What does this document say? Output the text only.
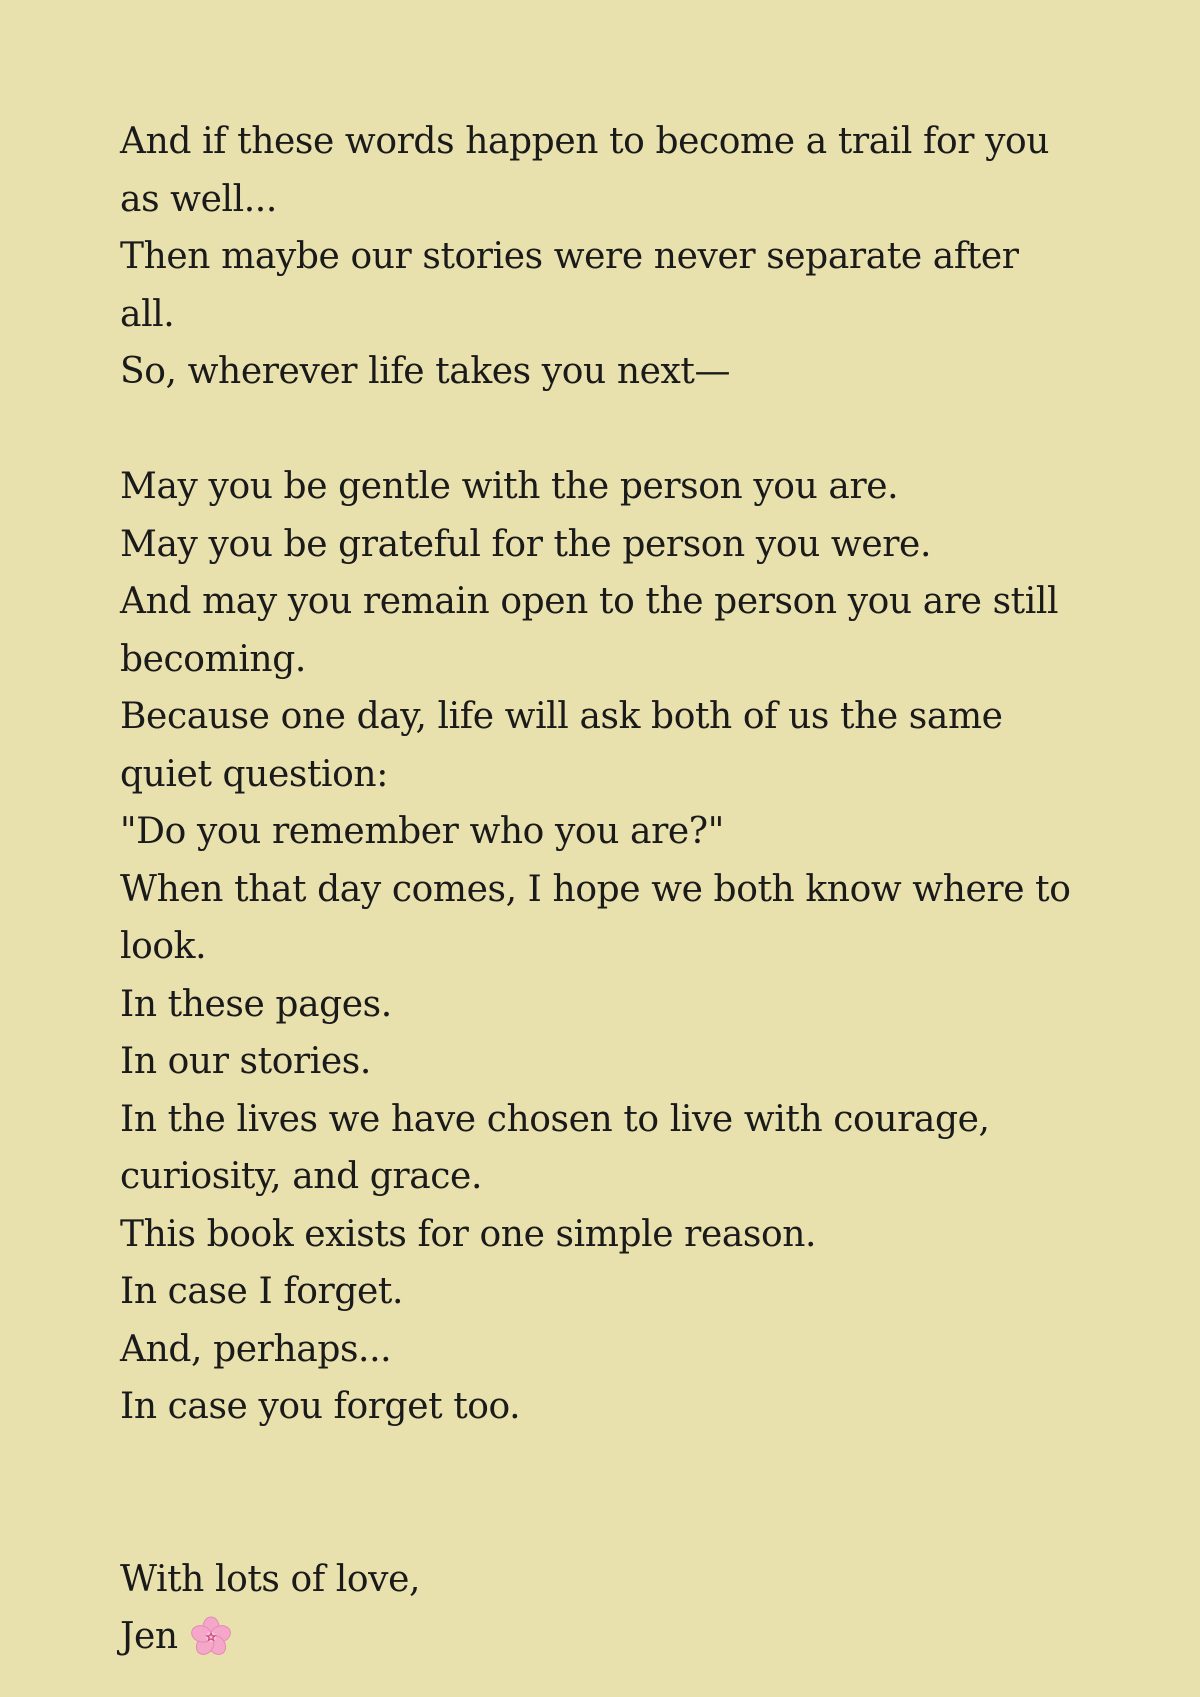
And if these words happen to become a trail for you as well...
Then maybe our stories were never separate after all.
So, wherever life takes you next—
May you be gentle with the person you are.
May you be grateful for the person you were.
And may you remain open to the person you are still becoming.
Because one day, life will ask both of us the same quiet question:
"Do you remember who you are?"
When that day comes, I hope we both know where to look.
In these pages.
In our stories.
In the lives we have chosen to live with courage, curiosity, and grace.
This book exists for one simple reason.
In case I forget.
And, perhaps...
In case you forget too.
With lots of love,
Jen
